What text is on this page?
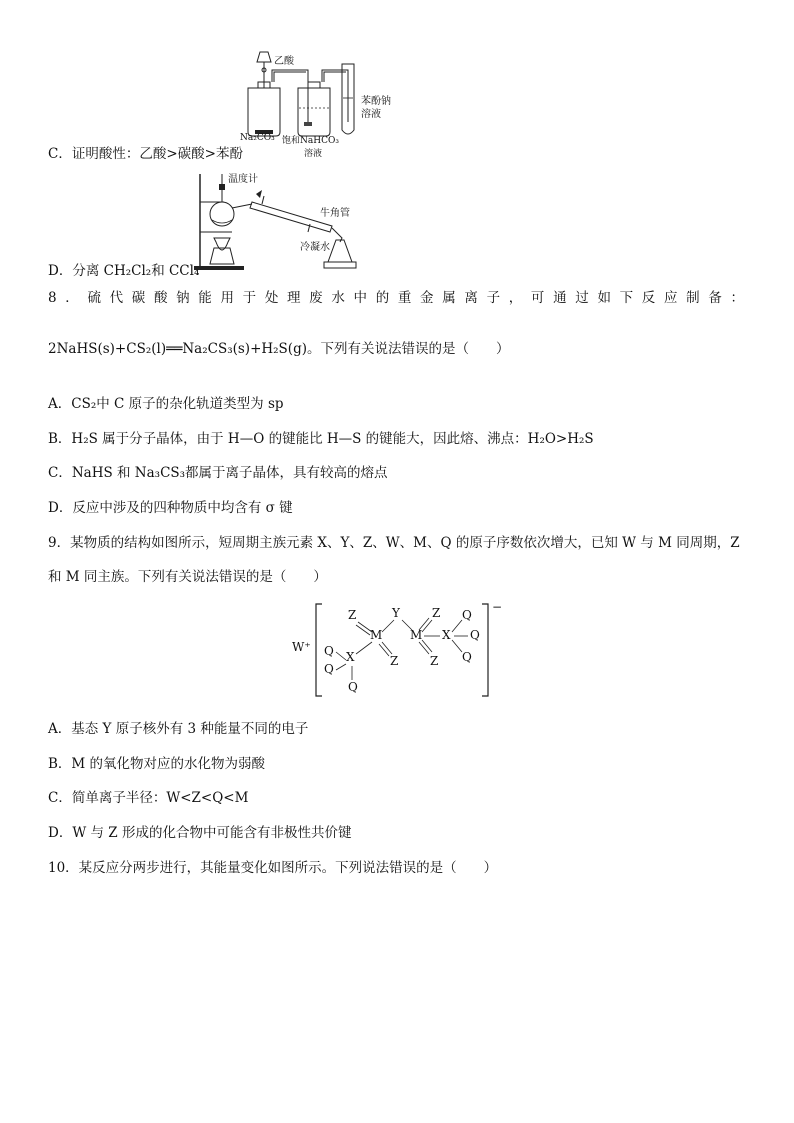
乙酸
苯酚钠
溶液
Na₂CO₃ 饱和NaHCO₃
溶液
C．证明酸性：乙酸>碳酸>苯酚
温度计
牛角管
冷凝水
D．分离 CH₂Cl₂和 CCl₄
8．硫代碳酸钠能用于处理废水中的重金属离子，可通过如下反应制备：
2NaHS(s)+CS₂(l)══Na₂CS₃(s)+H₂S(g)。下列有关说法错误的是（　　）
A．CS₂中 C 原子的杂化轨道类型为 sp
B．H₂S 属于分子晶体，由于 H—O 的键能比 H—S 的键能大，因此熔、沸点：H₂O>H₂S
C．NaHS 和 Na₃CS₃都属于离子晶体，具有较高的熔点
D．反应中涉及的四种物质中均含有 σ 键
9．某物质的结构如图所示，短周期主族元素 X、Y、Z、W、M、Q 的原子序数依次增大，已知 W 与 M 同周期，Z
和 M 同主族。下列有关说法错误的是（　　）
W⁺
−
Z
M
Y
M
Z
X
Q
Q
Q
Z
Z
X
Q
Q
Q
A．基态 Y 原子核外有 3 种能量不同的电子
B．M 的氧化物对应的水化物为弱酸
C．简单离子半径：W<Z<Q<M
D．W 与 Z 形成的化合物中可能含有非极性共价键
10．某反应分两步进行，其能量变化如图所示。下列说法错误的是（　　）
